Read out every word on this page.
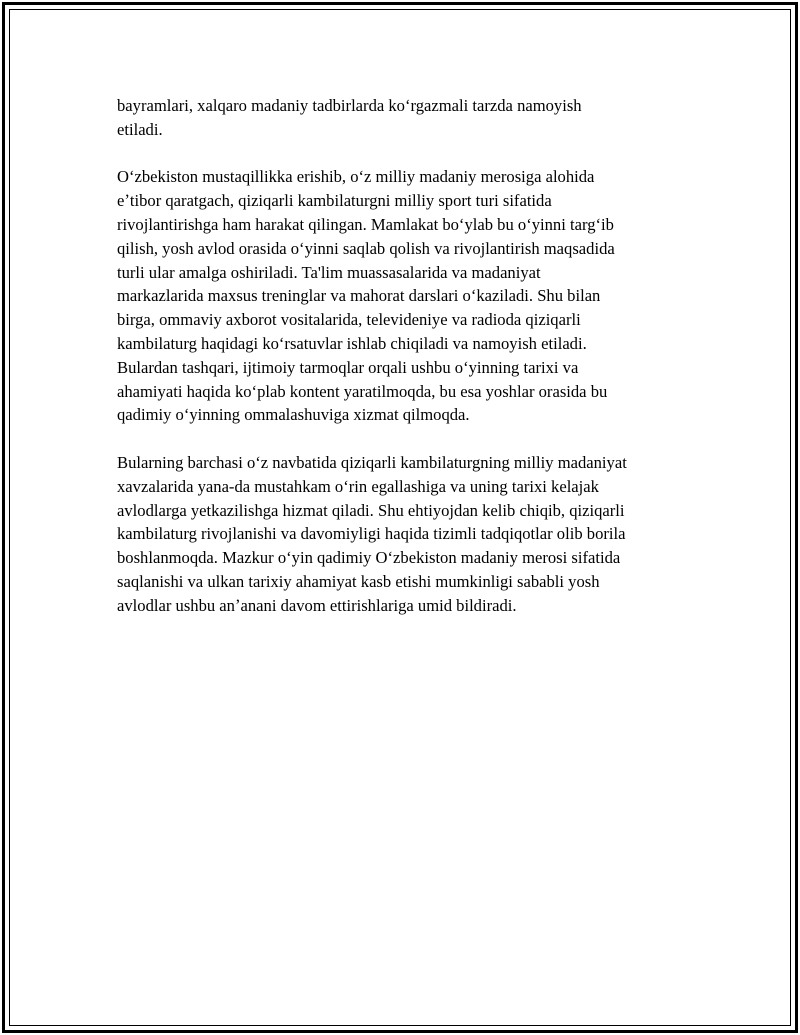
bayramlari, xalqaro madaniy tadbirlarda koʻrgazmali tarzda namoyish
etiladi.

Oʻzbekiston mustaqillikka erishib, oʻz milliy madaniy merosiga alohida
eʼtibor qaratgach, qiziqarli kambilaturgni milliy sport turi sifatida
rivojlantirishga ham harakat qilingan. Mamlakat boʻylab bu oʻyinni targʻib
qilish, yosh avlod orasida oʻyinni saqlab qolish va rivojlantirish maqsadida
turli ular amalga oshiriladi. Ta'lim muassasalarida va madaniyat
markazlarida maxsus treninglar va mahorat darslari oʻkaziladi. Shu bilan
birga, ommaviy axborot vositalarida, televideniye va radioda qiziqarli
kambilaturg haqidagi koʻrsatuvlar ishlab chiqiladi va namoyish etiladi.
Bulardan tashqari, ijtimoiy tarmoqlar orqali ushbu oʻyinning tarixi va
ahamiyati haqida koʻplab kontent yaratilmoqda, bu esa yoshlar orasida bu
qadimiy oʻyinning ommalashuviga xizmat qilmoqda.

Bularning barchasi oʻz navbatida qiziqarli kambilaturgning milliy madaniyat
xavzalarida yana-da mustahkam oʻrin egallashiga va uning tarixi kelajak
avlodlarga yetkazilishga hizmat qiladi. Shu ehtiyojdan kelib chiqib, qiziqarli
kambilaturg rivojlanishi va davomiyligi haqida tizimli tadqiqotlar olib borila
boshlanmoqda. Mazkur oʻyin qadimiy Oʻzbekiston madaniy merosi sifatida
saqlanishi va ulkan tarixiy ahamiyat kasb etishi mumkinligi sababli yosh
avlodlar ushbu anʼanani davom ettirishlariga umid bildiradi.
